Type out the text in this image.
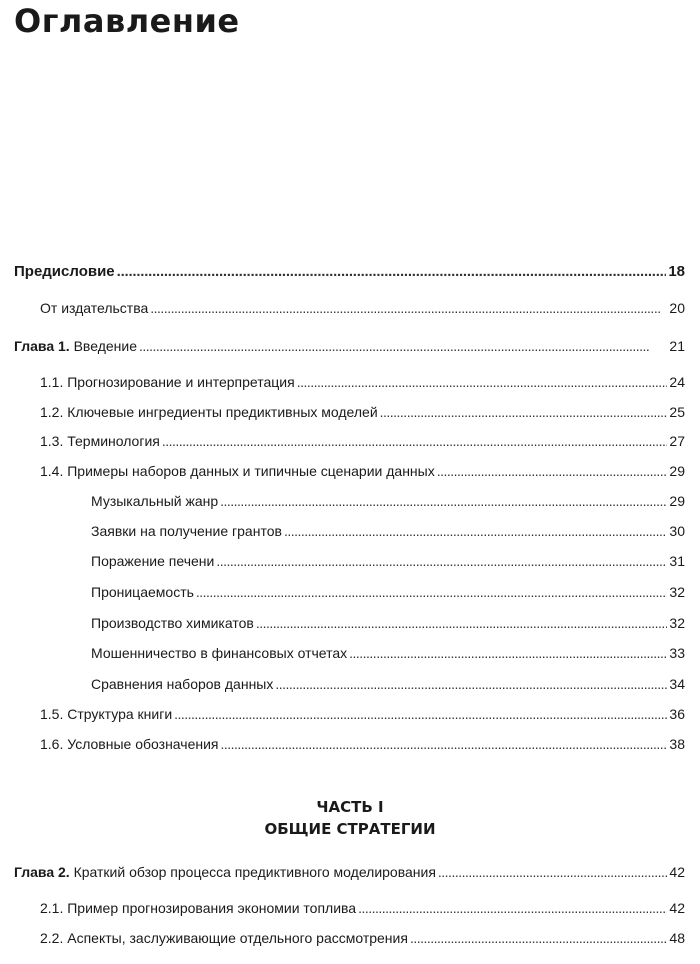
Оглавление
Предисловие . . .	18
От издательства . . .	20
Глава 1. Введение . . .	21
1.1. Прогнозирование и интерпретация . . .	24
1.2. Ключевые ингредиенты предиктивных моделей . . .	25
1.3. Терминология . . .	27
1.4. Примеры наборов данных и типичные сценарии данных . . .	29
Музыкальный жанр . . .	29
Заявки на получение грантов . . .	30
Поражение печени . . .	31
Проницаемость . . .	32
Производство химикатов . . .	32
Мошенничество в финансовых отчетах . . .	33
Сравнения наборов данных . . .	34
1.5. Структура книги . . .	36
1.6. Условные обозначения . . .	38
ЧАСТЬ I
ОБЩИЕ СТРАТЕГИИ
Глава 2. Краткий обзор процесса предиктивного моделирования . . .	42
2.1. Пример прогнозирования экономии топлива . . .	42
2.2. Аспекты, заслуживающие отдельного рассмотрения . . .	48
